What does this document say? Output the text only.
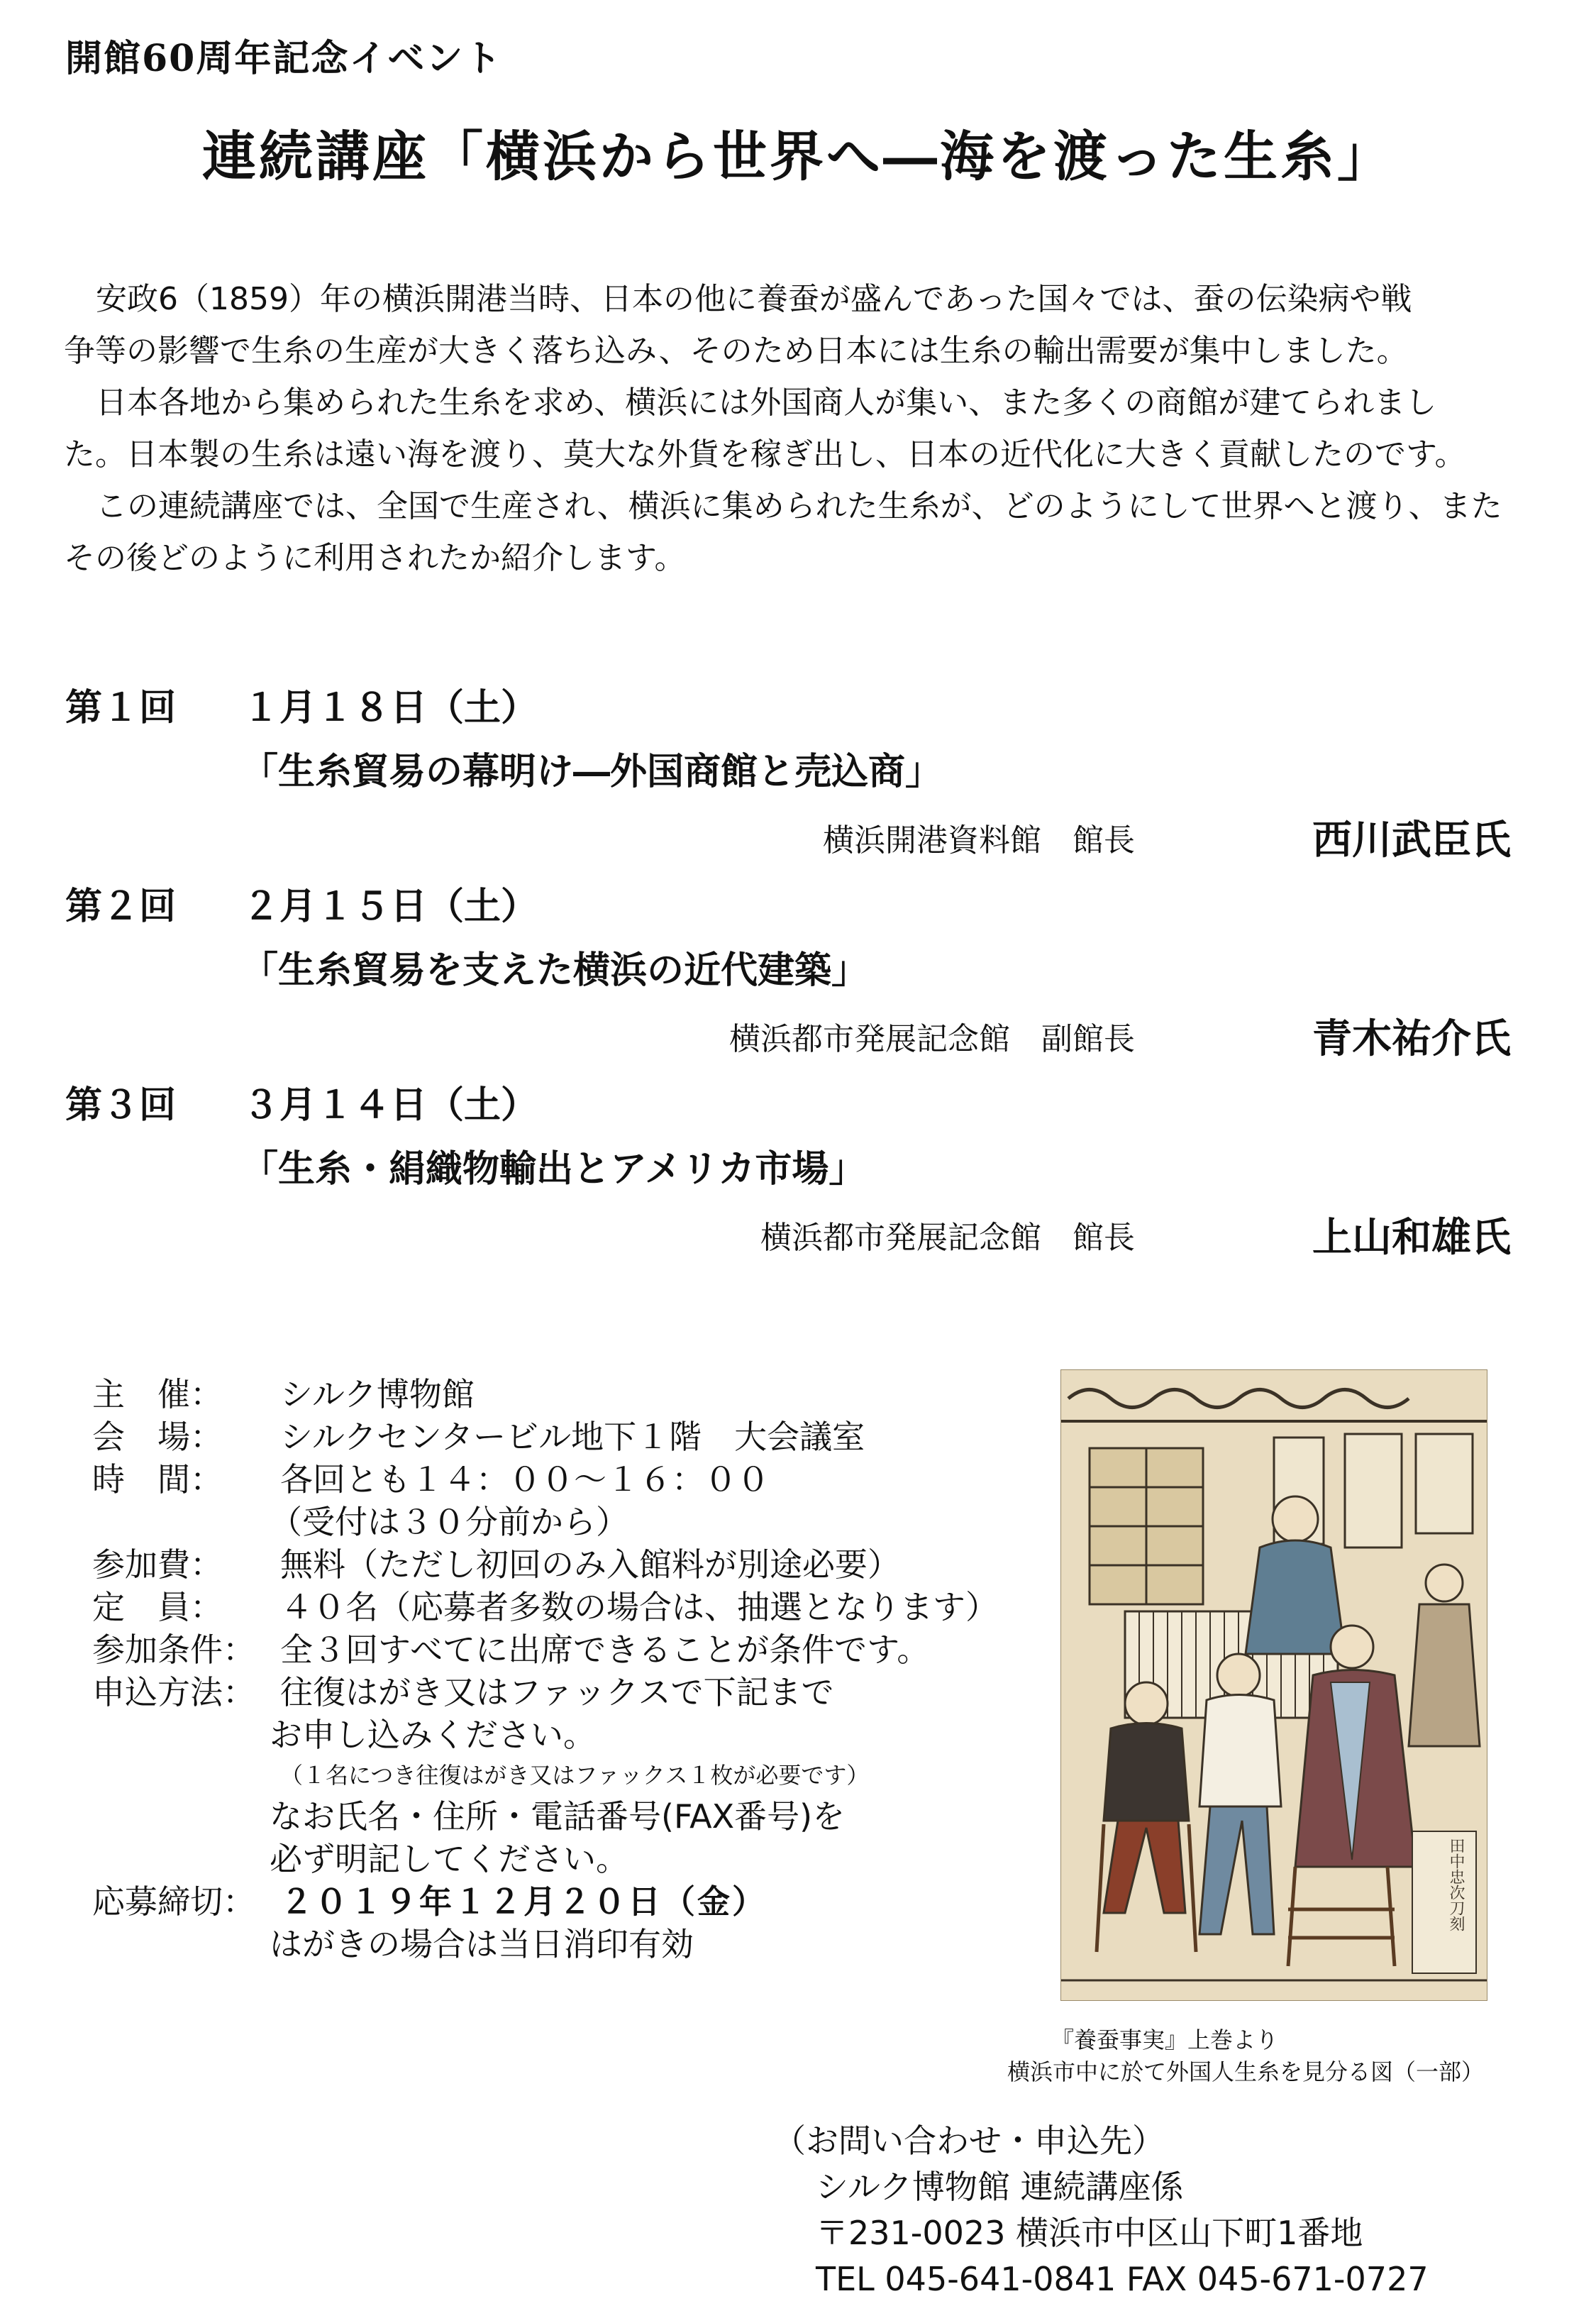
開館60周年記念イベント
連続講座「横浜から世界へ―海を渡った生糸」

安政6（1859）年の横浜開港当時、日本の他に養蚕が盛んであった国々では、蚕の伝染病や戦

争等の影響で生糸の生産が大きく落ち込み、そのため日本には生糸の輸出需要が集中しました。

日本各地から集められた生糸を求め、横浜には外国商人が集い、また多くの商館が建てられまし

た。日本製の生糸は遠い海を渡り、莫大な外貨を稼ぎ出し、日本の近代化に大きく貢献したのです。

この連続講座では、全国で生産され、横浜に集められた生糸が、どのようにして世界へと渡り、また

その後どのように利用されたか紹介します。

第１回 １月１８日（土）
「生糸貿易の幕明け―外国商館と売込商」
横浜開港資料館　館長	西川武臣氏
第２回 ２月１５日（土）
「生糸貿易を支えた横浜の近代建築」
横浜都市発展記念館　副館長	青木祐介氏
第３回 ３月１４日（土）
「生糸・絹織物輸出とアメリカ市場」
横浜都市発展記念館　館長	上山和雄氏
主　催： シルク博物館
会　場： シルクセンタービル地下１階　大会議室
時　間： 各回とも１４：００～１６：００
（受付は３０分前から）
参加費： 無料（ただし初回のみ入館料が別途必要）
定　員： ４０名（応募者多数の場合は、抽選となります）
参加条件： 全３回すべてに出席できることが条件です。
申込方法： 往復はがき又はファックスで下記まで
お申し込みください。
（１名につき往復はがき又はファックス１枚が必要です）
なお氏名・住所・電話番号(FAX番号)を
必ず明記してください。
応募締切： ２０１９年１２月２０日（金）
はがきの場合は当日消印有効
田中忠次刀刻
『養蚕事実』上巻より
横浜市中に於て外国人生糸を見分る図（一部）
（お問い合わせ・申込先）
シルク博物館 連続講座係
〒231-0023 横浜市中区山下町1番地
TEL 045-641-0841 FAX 045-671-0727
